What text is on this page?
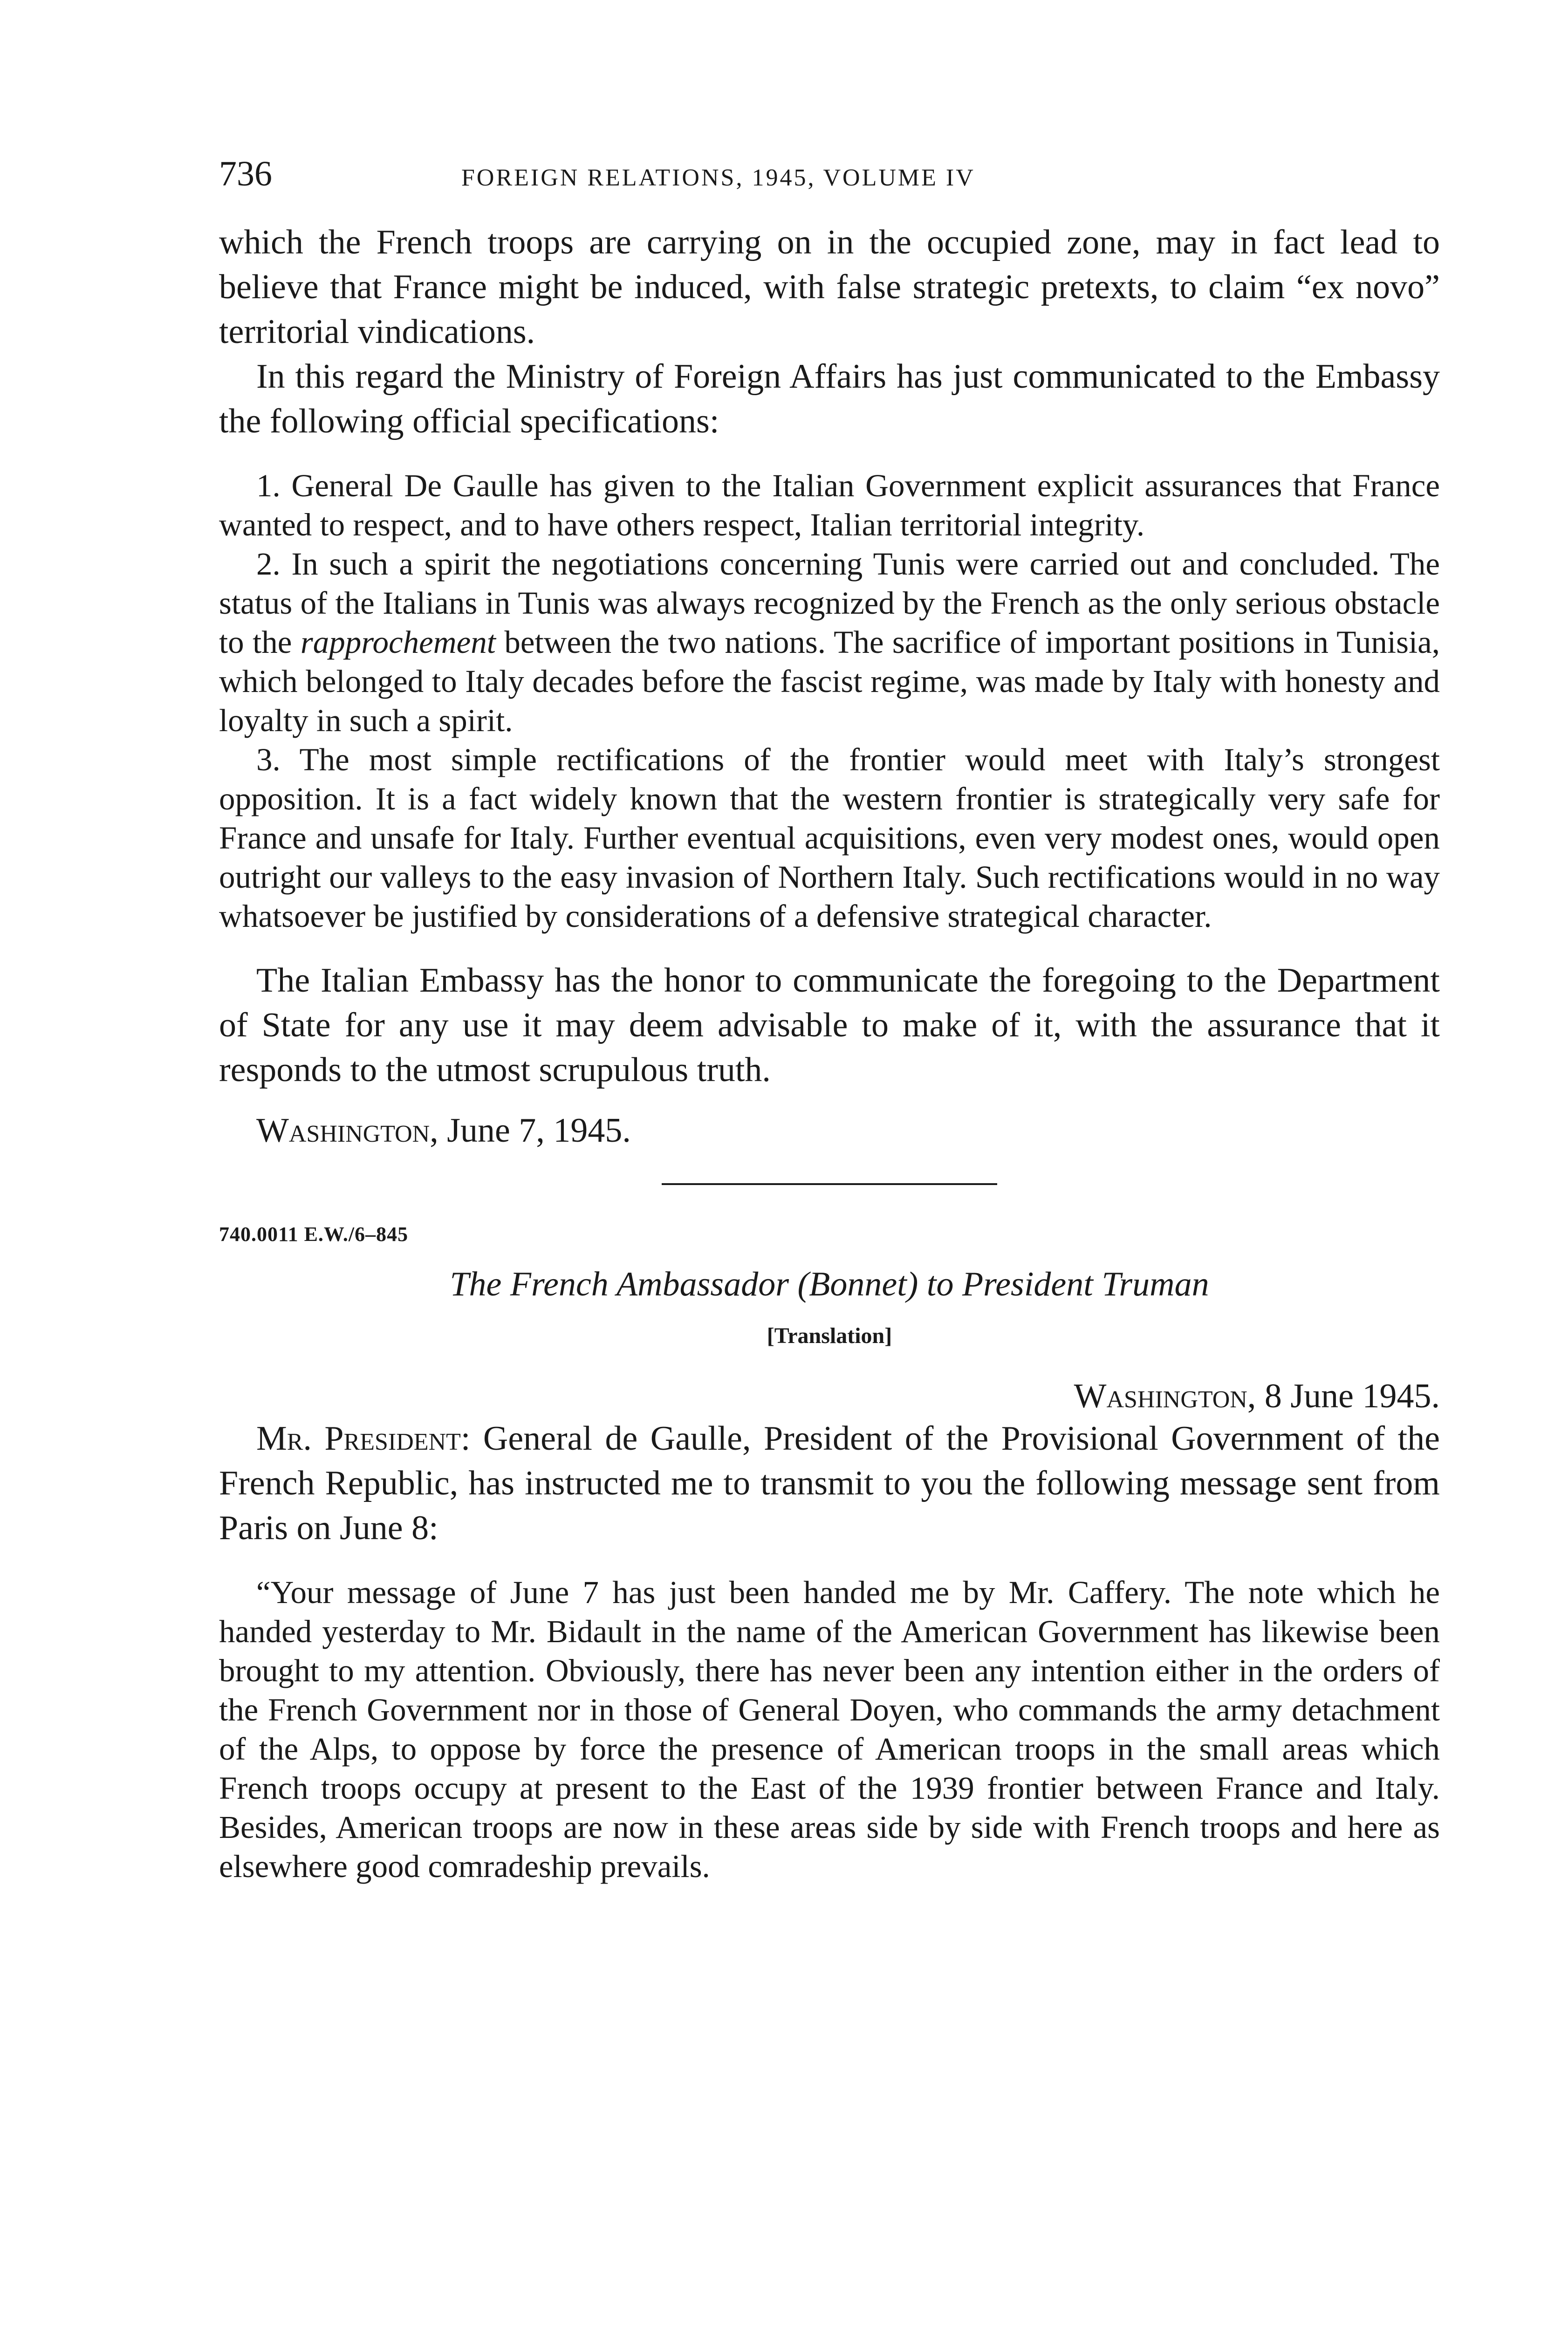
736	FOREIGN RELATIONS, 1945, VOLUME IV

which the French troops are carrying on in the occupied zone, may in fact lead to believe that France might be induced, with false strategic pretexts, to claim “ex novo” territorial vindications.

In this regard the Ministry of Foreign Affairs has just communicated to the Embassy the following official specifications:

1. General De Gaulle has given to the Italian Government explicit assurances that France wanted to respect, and to have others respect, Italian territorial integrity.

2. In such a spirit the negotiations concerning Tunis were carried out and concluded. The status of the Italians in Tunis was always recognized by the French as the only serious obstacle to the rapprochement between the two nations. The sacrifice of important positions in Tunisia, which belonged to Italy decades before the fascist regime, was made by Italy with honesty and loyalty in such a spirit.

3. The most simple rectifications of the frontier would meet with Italy’s strongest opposition. It is a fact widely known that the western frontier is strategically very safe for France and unsafe for Italy. Further eventual acquisitions, even very modest ones, would open outright our valleys to the easy invasion of Northern Italy. Such rectifications would in no way whatsoever be justified by considerations of a defensive strategical character.

The Italian Embassy has the honor to communicate the foregoing to the Department of State for any use it may deem advisable to make of it, with the assurance that it responds to the utmost scrupulous truth.

Washington, June 7, 1945.
740.0011 E.W./6–845
The French Ambassador (Bonnet) to President Truman
[Translation]
Washington, 8 June 1945.

Mr. President: General de Gaulle, President of the Provisional Government of the French Republic, has instructed me to transmit to you the following message sent from Paris on June 8:

“Your message of June 7 has just been handed me by Mr. Caffery. The note which he handed yesterday to Mr. Bidault in the name of the American Government has likewise been brought to my attention. Obviously, there has never been any intention either in the orders of the French Government nor in those of General Doyen, who commands the army detachment of the Alps, to oppose by force the presence of American troops in the small areas which French troops occupy at present to the East of the 1939 frontier between France and Italy. Besides, American troops are now in these areas side by side with French troops and here as elsewhere good comradeship prevails.
